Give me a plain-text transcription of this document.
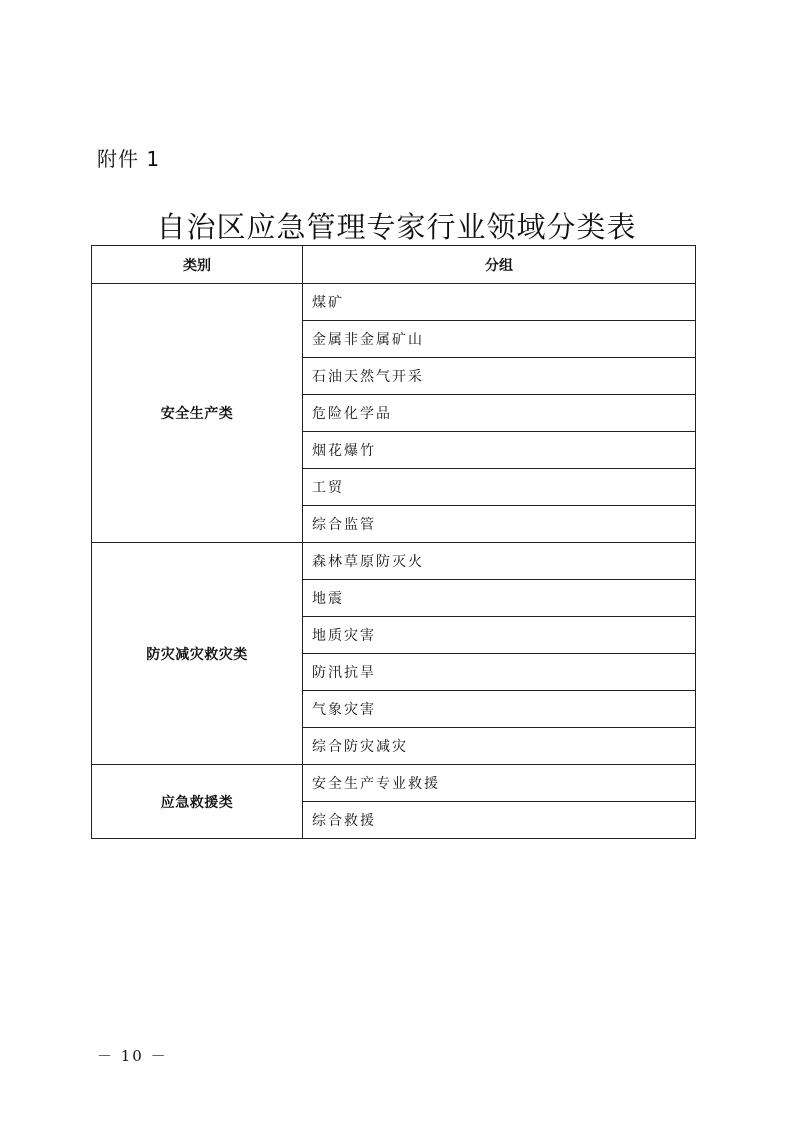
附件 1
自治区应急管理专家行业领域分类表
类别	分组
安全生产类	煤矿
	金属非金属矿山
	石油天然气开采
	危险化学品
	烟花爆竹
	工贸
	综合监管
防灾减灾救灾类	森林草原防灭火
	地震
	地质灾害
	防汛抗旱
	气象灾害
	综合防灾减灾
应急救援类	安全生产专业救援
	综合救援
－ 10 －
